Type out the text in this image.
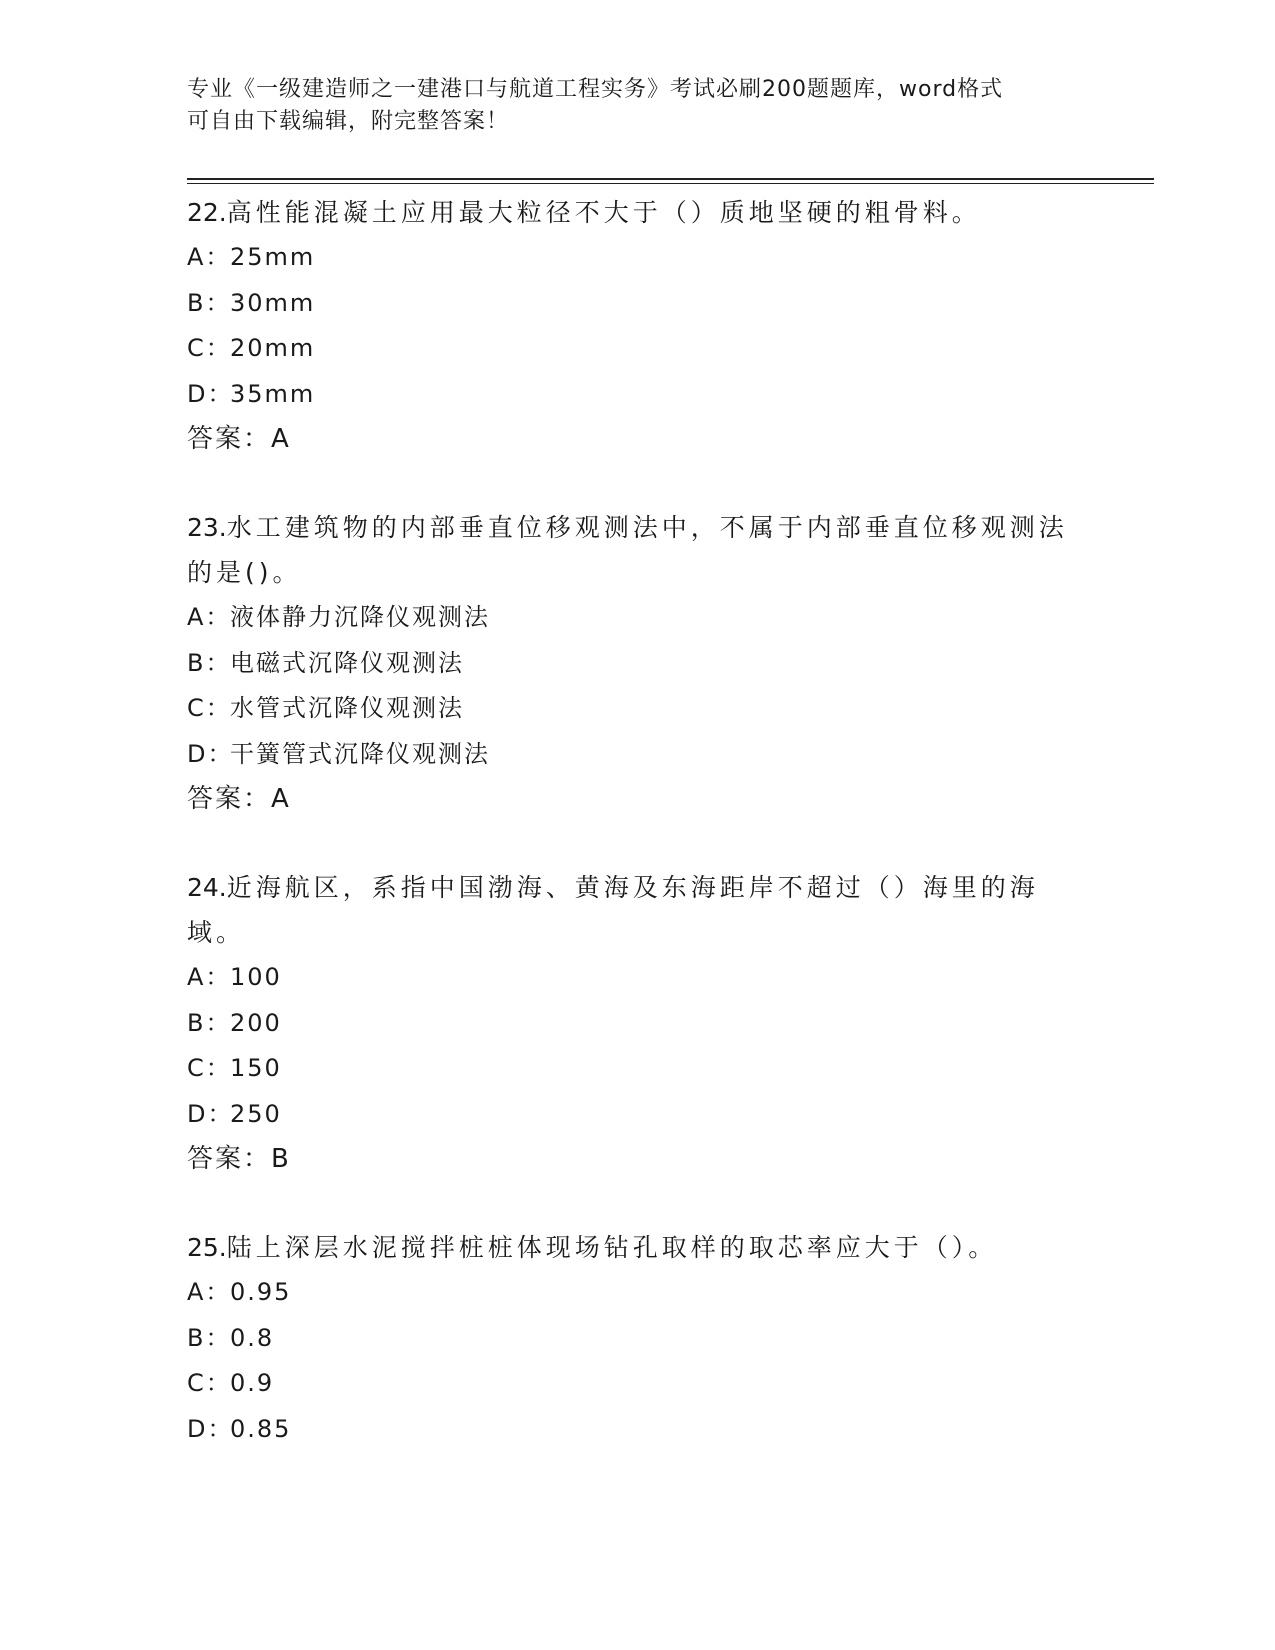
专业《一级建造师之一建港口与航道工程实务》考试必刷200题题库，word格式
可自由下载编辑，附完整答案！

22.高性能混凝土应用最大粒径不大于（）质地坚硬的粗骨料。

A：
25mm
B：
30mm
C：
20mm
D：
35mm
答案：A

23.水工建筑物的内部垂直位移观测法中，不属于内部垂直位移观测法的是()。

A：
液体静力沉降仪观测法
B：
电磁式沉降仪观测法
C：
水管式沉降仪观测法
D：
干簧管式沉降仪观测法
答案：A

24.近海航区，系指中国渤海、黄海及东海距岸不超过（）海里的海域。

A：
100
B：
200
C：
150
D：
250
答案：B

25.陆上深层水泥搅拌桩桩体现场钻孔取样的取芯率应大于（）。

A：
0.95
B：
0.8
C：
0.9
D：
0.85
